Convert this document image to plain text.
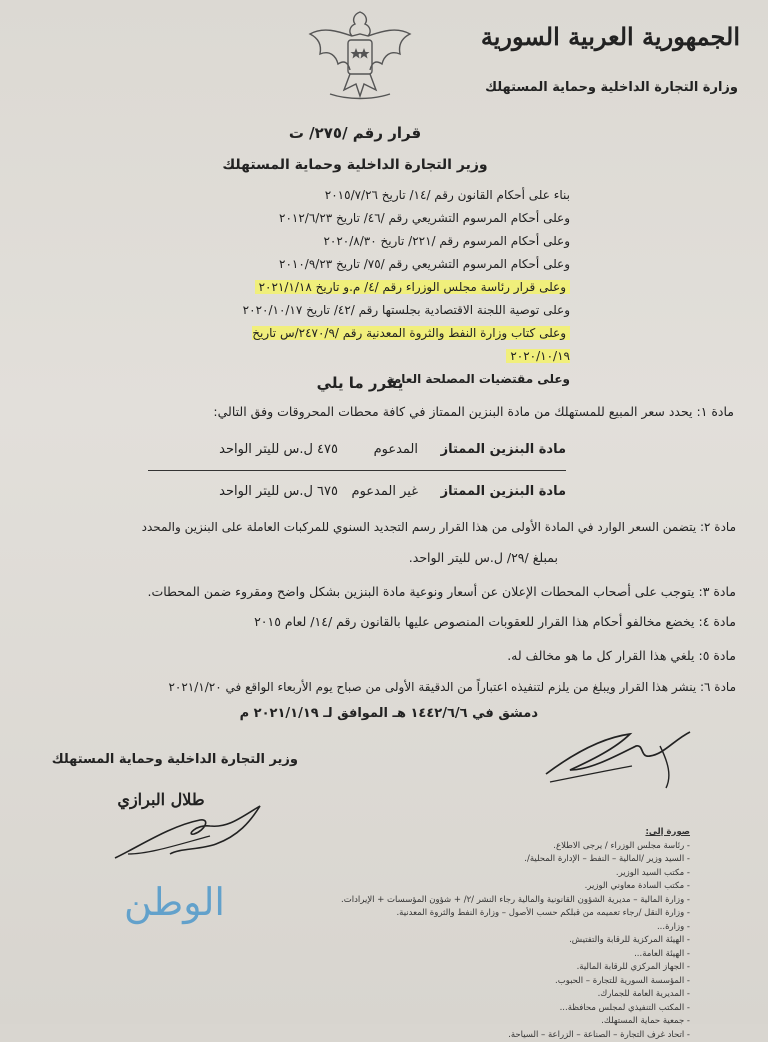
الجمهورية العربية السورية
وزارة التجارة الداخلية وحماية المستهلك
قرار رقم /٢٧٥/ ت
وزير التجارة الداخلية وحماية المستهلك
بناء على أحكام القانون رقم /١٤/ تاريخ ٢٠١٥/٧/٢٦
وعلى أحكام المرسوم التشريعي رقم /٤٦/ تاريخ ٢٠١٢/٦/٢٣
وعلى أحكام المرسوم رقم /٢٢١/ تاريخ ٢٠٢٠/٨/٣٠
وعلى أحكام المرسوم التشريعي رقم /٧٥/ تاريخ ٢٠١٠/٩/٢٣
وعلى قرار رئاسة مجلس الوزراء رقم /٤/ م.و تاريخ ٢٠٢١/١/١٨
وعلى توصية اللجنة الاقتصادية بجلستها رقم /٤٢/ تاريخ ٢٠٢٠/١٠/١٧
وعلى كتاب وزارة النفط والثروة المعدنية رقم /٢٤٧٠/٩/س تاريخ ٢٠٢٠/١٠/١٩
وعلى مقتضيات المصلحة العامة
يقرر ما يلي
مادة ١: يحدد سعر المبيع للمستهلك من مادة البنزين الممتاز في كافة محطات المحروقات وفق التالي:
مادة البنزين الممتاز
المدعوم
٤٧٥ ل.س لليتر الواحد
مادة البنزين الممتاز
غير المدعوم
٦٧٥ ل.س لليتر الواحد
مادة ٢: يتضمن السعر الوارد في المادة الأولى من هذا القرار رسم التجديد السنوي للمركبات العاملة على البنزين والمحدد
بمبلغ /٢٩/ ل.س لليتر الواحد.
مادة ٣: يتوجب على أصحاب المحطات الإعلان عن أسعار ونوعية مادة البنزين بشكل واضح ومقروء ضمن المحطات.
مادة ٤: يخضع مخالفو أحكام هذا القرار للعقوبات المنصوص عليها بالقانون رقم /١٤/ لعام ٢٠١٥
مادة ٥: يلغي هذا القرار كل ما هو مخالف له.
مادة ٦: ينشر هذا القرار ويبلغ من يلزم لتنفيذه اعتباراً من الدقيقة الأولى من صباح يوم الأربعاء الواقع في ٢٠٢١/١/٢٠
دمشق في ١٤٤٢/٦/٦ هـ الموافق لـ ٢٠٢١/١/١٩ م
وزير التجارة الداخلية وحماية المستهلك
طلال البرازي
صورة إلى:
- رئاسة مجلس الوزراء / يرجى الاطلاع.
- السيد وزير /المالية – النفط – الإدارة المحلية/.
- مكتب السيد الوزير.
- مكتب السادة معاوني الوزير.
- وزارة المالية – مديرية الشؤون القانونية والمالية رجاء النشر /٢/ + شؤون المؤسسات + الإيرادات.
- وزارة النقل /رجاء تعميمه من قبلكم حسب الأصول – وزارة النفط والثروة المعدنية.
- وزارة...
- الهيئة المركزية للرقابة والتفتيش.
- الهيئة العامة...
- الجهاز المركزي للرقابة المالية.
- المؤسسة السورية للتجارة – الحبوب.
- المديرية العامة للجمارك.
- المكتب التنفيذي لمجلس محافظة...
- جمعية حماية المستهلك.
- اتحاد غرف التجارة – الصناعة – الزراعة – السياحة.
الوطن
